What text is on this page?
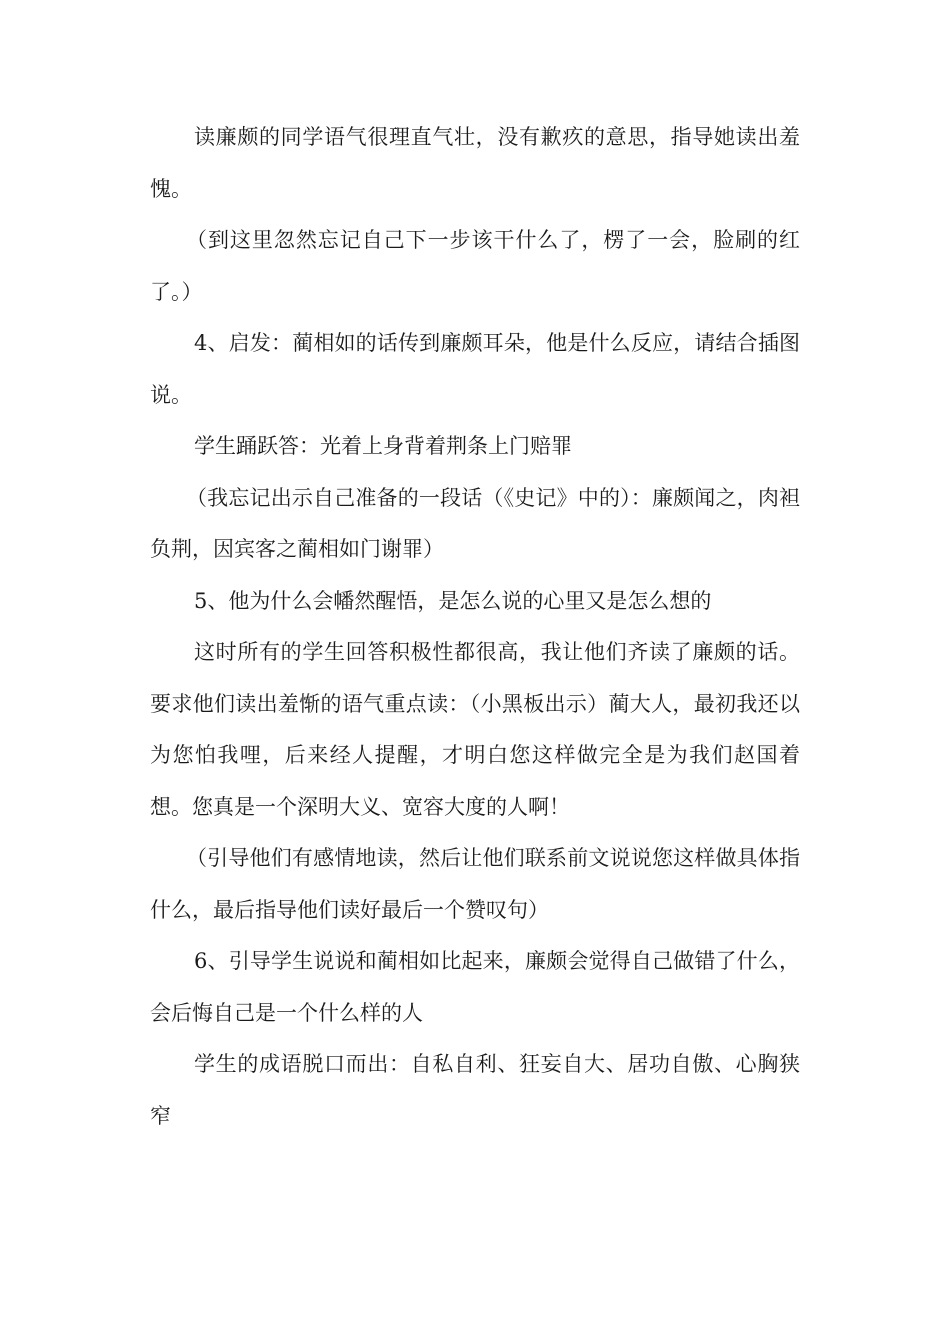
读廉颇的同学语气很理直气壮，没有歉疚的意思，指导她读出羞愧。

（到这里忽然忘记自己下一步该干什么了，楞了一会，脸刷的红了。）

4、启发：蔺相如的话传到廉颇耳朵，他是什么反应，请结合插图说。

学生踊跃答：光着上身背着荆条上门赔罪

（我忘记出示自己准备的一段话（《史记》中的）：廉颇闻之，肉袒负荆，因宾客之蔺相如门谢罪）

5、他为什么会幡然醒悟，是怎么说的心里又是怎么想的

这时所有的学生回答积极性都很高，我让他们齐读了廉颇的话。要求他们读出羞惭的语气重点读：（小黑板出示）蔺大人，最初我还以为您怕我哩，后来经人提醒，才明白您这样做完全是为我们赵国着想。您真是一个深明大义、宽容大度的人啊！

（引导他们有感情地读，然后让他们联系前文说说您这样做具体指什么，最后指导他们读好最后一个赞叹句）

6、引导学生说说和蔺相如比起来，廉颇会觉得自己做错了什么，会后悔自己是一个什么样的人

学生的成语脱口而出：自私自利、狂妄自大、居功自傲、心胸狭窄
